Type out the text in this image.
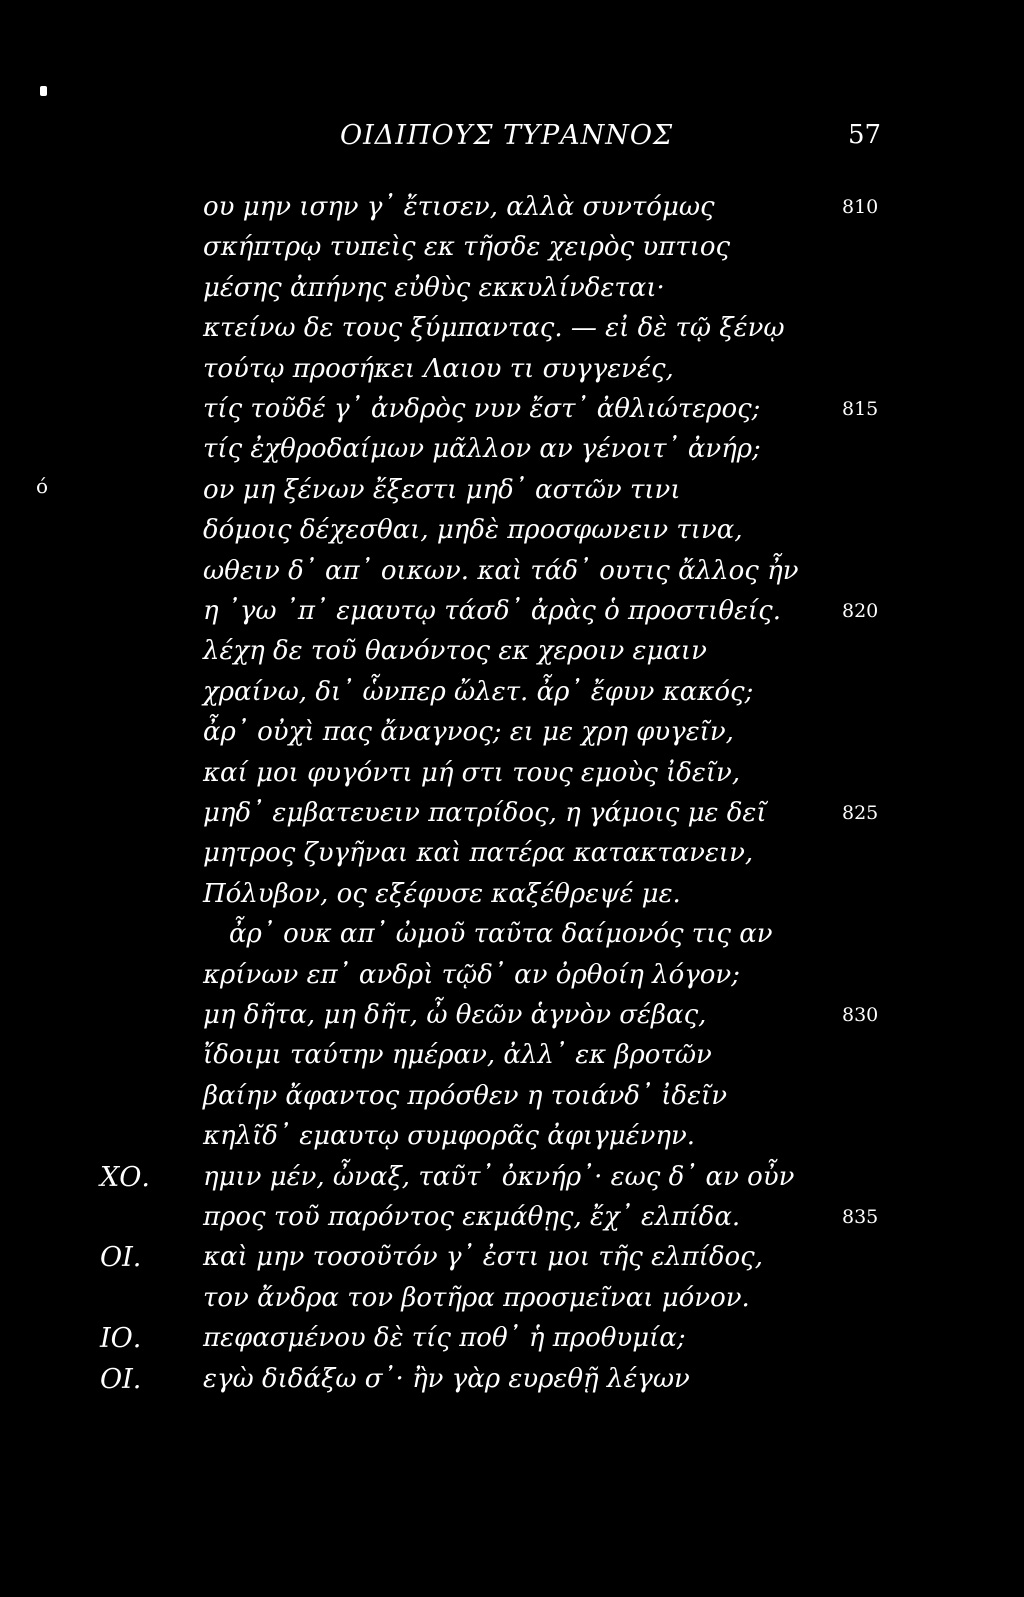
ΟΙΔΙΠΟΥΣ ΤΥΡΑΝΝΟΣ	57
ό
ου μην ισην γ᾽ ἔτισεν, αλλὰ συντόμως	810
σκήπτρῳ τυπεὶς εκ τῆσδε χειρὸς υπτιος
μέσης ἀπήνης εὐθὺς εκκυλίνδεται·
κτείνω δε τους ξύμπαντας. — εἰ δὲ τῷ ξένῳ
τούτῳ προσήκει Λαιου τι συγγενές,
τίς τοῦδέ γ᾽ ἀνδρὸς νυν ἔστ᾽ ἀθλιώτερος;	815
τίς ἐχθροδαίμων μᾶλλον αν γένοιτ᾽ ἀνήρ;
ον μη ξένων ἔξεστι μηδ᾽ αστῶν τινι
δόμοις δέχεσθαι, μηδὲ προσφωνειν τινα,
ωθειν δ᾽ απ᾽ οικων. καὶ τάδ᾽ ουτις ἄλλος ἦν
η ᾽γω ᾽π᾽ εμαυτῳ τάσδ᾽ ἀρὰς ὁ προστιθείς.	820
λέχη δε τοῦ θανόντος εκ χεροιν εμαιν
χραίνω, δι᾽ ὧνπερ ὤλετ. ἆρ᾽ ἔφυν κακός;
ἆρ᾽ οὐχὶ πας ἄναγνος; ει με χρη φυγεῖν,
καί μοι φυγόντι μή στι τους εμοὺς ἰδεῖν,
μηδ᾽ εμβατευειν πατρίδος, η γάμοις με δεῖ	825
μητρος ζυγῆναι καὶ πατέρα κατακτανειν,
Πόλυβον, ος εξέφυσε καξέθρεψέ με.
ἆρ᾽ ουκ απ᾽ ὠμοῦ ταῦτα δαίμονός τις αν
κρίνων επ᾽ ανδρὶ τῷδ᾽ αν ὀρθοίη λόγον;
μη δῆτα, μη δῆτ, ὦ θεῶν ἁγνὸν σέβας,	830
ἴδοιμι ταύτην ημέραν, ἀλλ᾽ εκ βροτῶν
βαίην ἄφαντος πρόσθεν η τοιάνδ᾽ ἰδεῖν
κηλῖδ᾽ εμαυτῳ συμφορᾶς ἀφιγμένην.
ΧΟ. ημιν μέν, ὦναξ, ταῦτ᾽ ὀκνήρ᾽· εως δ᾽ αν οὖν
προς τοῦ παρόντος εκμάθῃς, ἔχ᾽ ελπίδα.	835
ΟΙ. καὶ μην τοσοῦτόν γ᾽ ἐστι μοι τῆς ελπίδος,
τον ἄνδρα τον βοτῆρα προσμεῖναι μόνον.
ΙΟ. πεφασμένου δὲ τίς ποθ᾽ ἡ προθυμία;
ΟΙ. εγὼ διδάξω σ᾽· ἢν γὰρ ευρεθῇ λέγων
